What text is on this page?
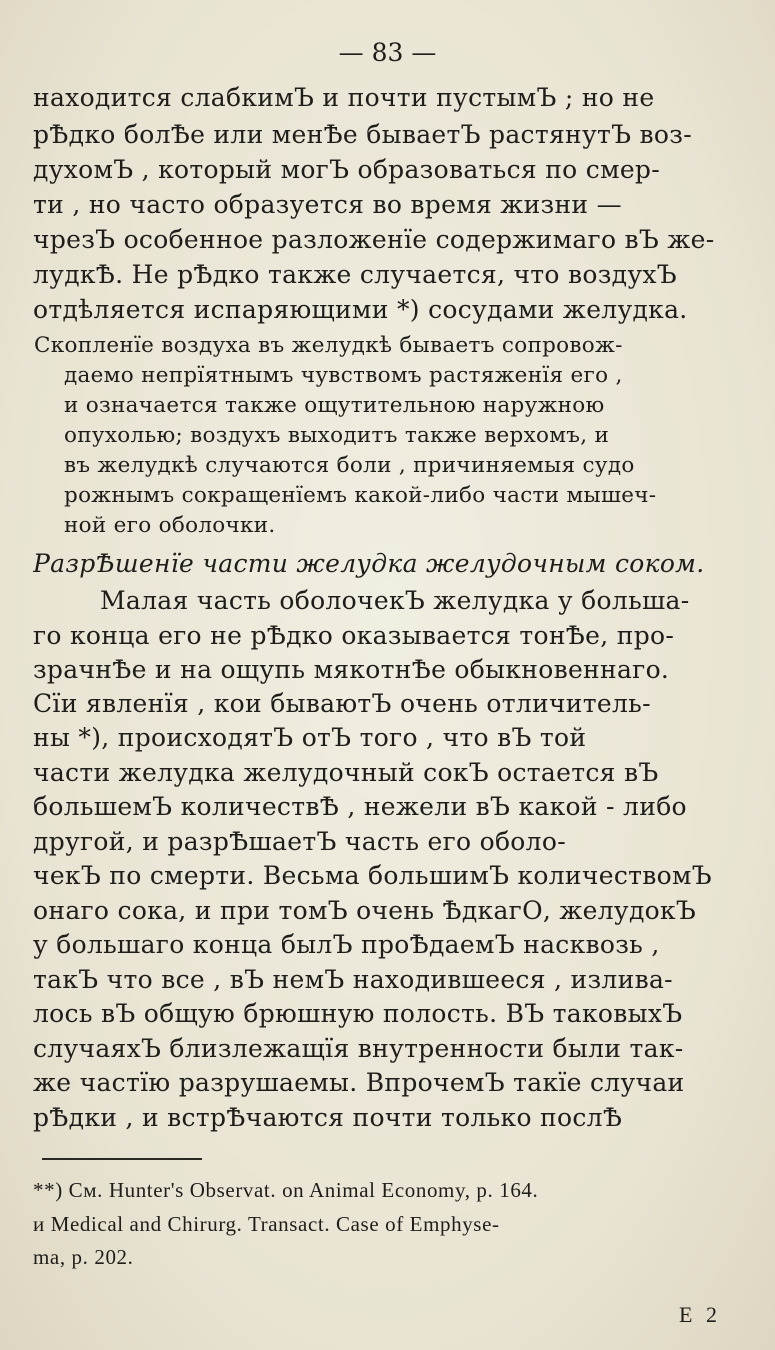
— 83 —
находится слабкимЪ и почти пустымЪ ; но не
рѢдко болѢе или менѢе бываетЪ растянутЪ воз-
духомЪ , который могЪ образоваться по смер-
ти , но часто образуется во время жизни —
чрезЪ особенное разложенїе содержимаго вЪ же-
лудкѢ. Не рѢдко также случается, что воздухЪ
отдѣляется испаряющими *) сосудами желудка.
Скопленїе воздуха въ желудкѣ бываетъ сопровож-
даемо непрїятнымъ чувствомъ растяженїя его ,
и означается также ощутительною наружною
опухолью; воздухъ выходитъ также верхомъ, и
въ желудкѣ случаются боли , причиняемыя судо
рожнымъ сокращенїемъ какой-либо части мышеч-
ной его оболочки.
РазрѢшенїе части желудка желудочным соком.
Малая часть оболочекЪ желудка у большa-
го конца его не рѢдко оказывается тонѢе, про-
зрачнѢе и на ощупь мякотнѢе обыкновеннаго.
Сїи явленїя , кои бываютЪ очень отличитель-
ны *), происходятЪ отЪ того , что вЪ той
части желудка желудочный сокЪ остается вЪ
большемЪ количествѢ , нежели вЪ какой - либо
другой, и разрѢшаетЪ часть его оболо-
чекЪ по смерти. Весьма большимЪ количествомЪ
онаго сока, и при томЪ очень ѢдкагО, желудокЪ
у большаго конца былЪ проѢдаемЪ насквозь ,
такЪ что все , вЪ немЪ находившееся , излива-
лось вЪ общую брюшную полость. ВЪ таковыхЪ
случаяхЪ близлежащїя внутренности были так-
же частїю разрушаемы. ВпрочемЪ такїе случаи
рѢдки , и встрѢчаются почти только послѢ
**) См. Hunter's Observat. on Animal Economy, p. 164.
и Medical and Chirurg. Transact. Case of Emphyse-
ma, p. 202.
Е 2
